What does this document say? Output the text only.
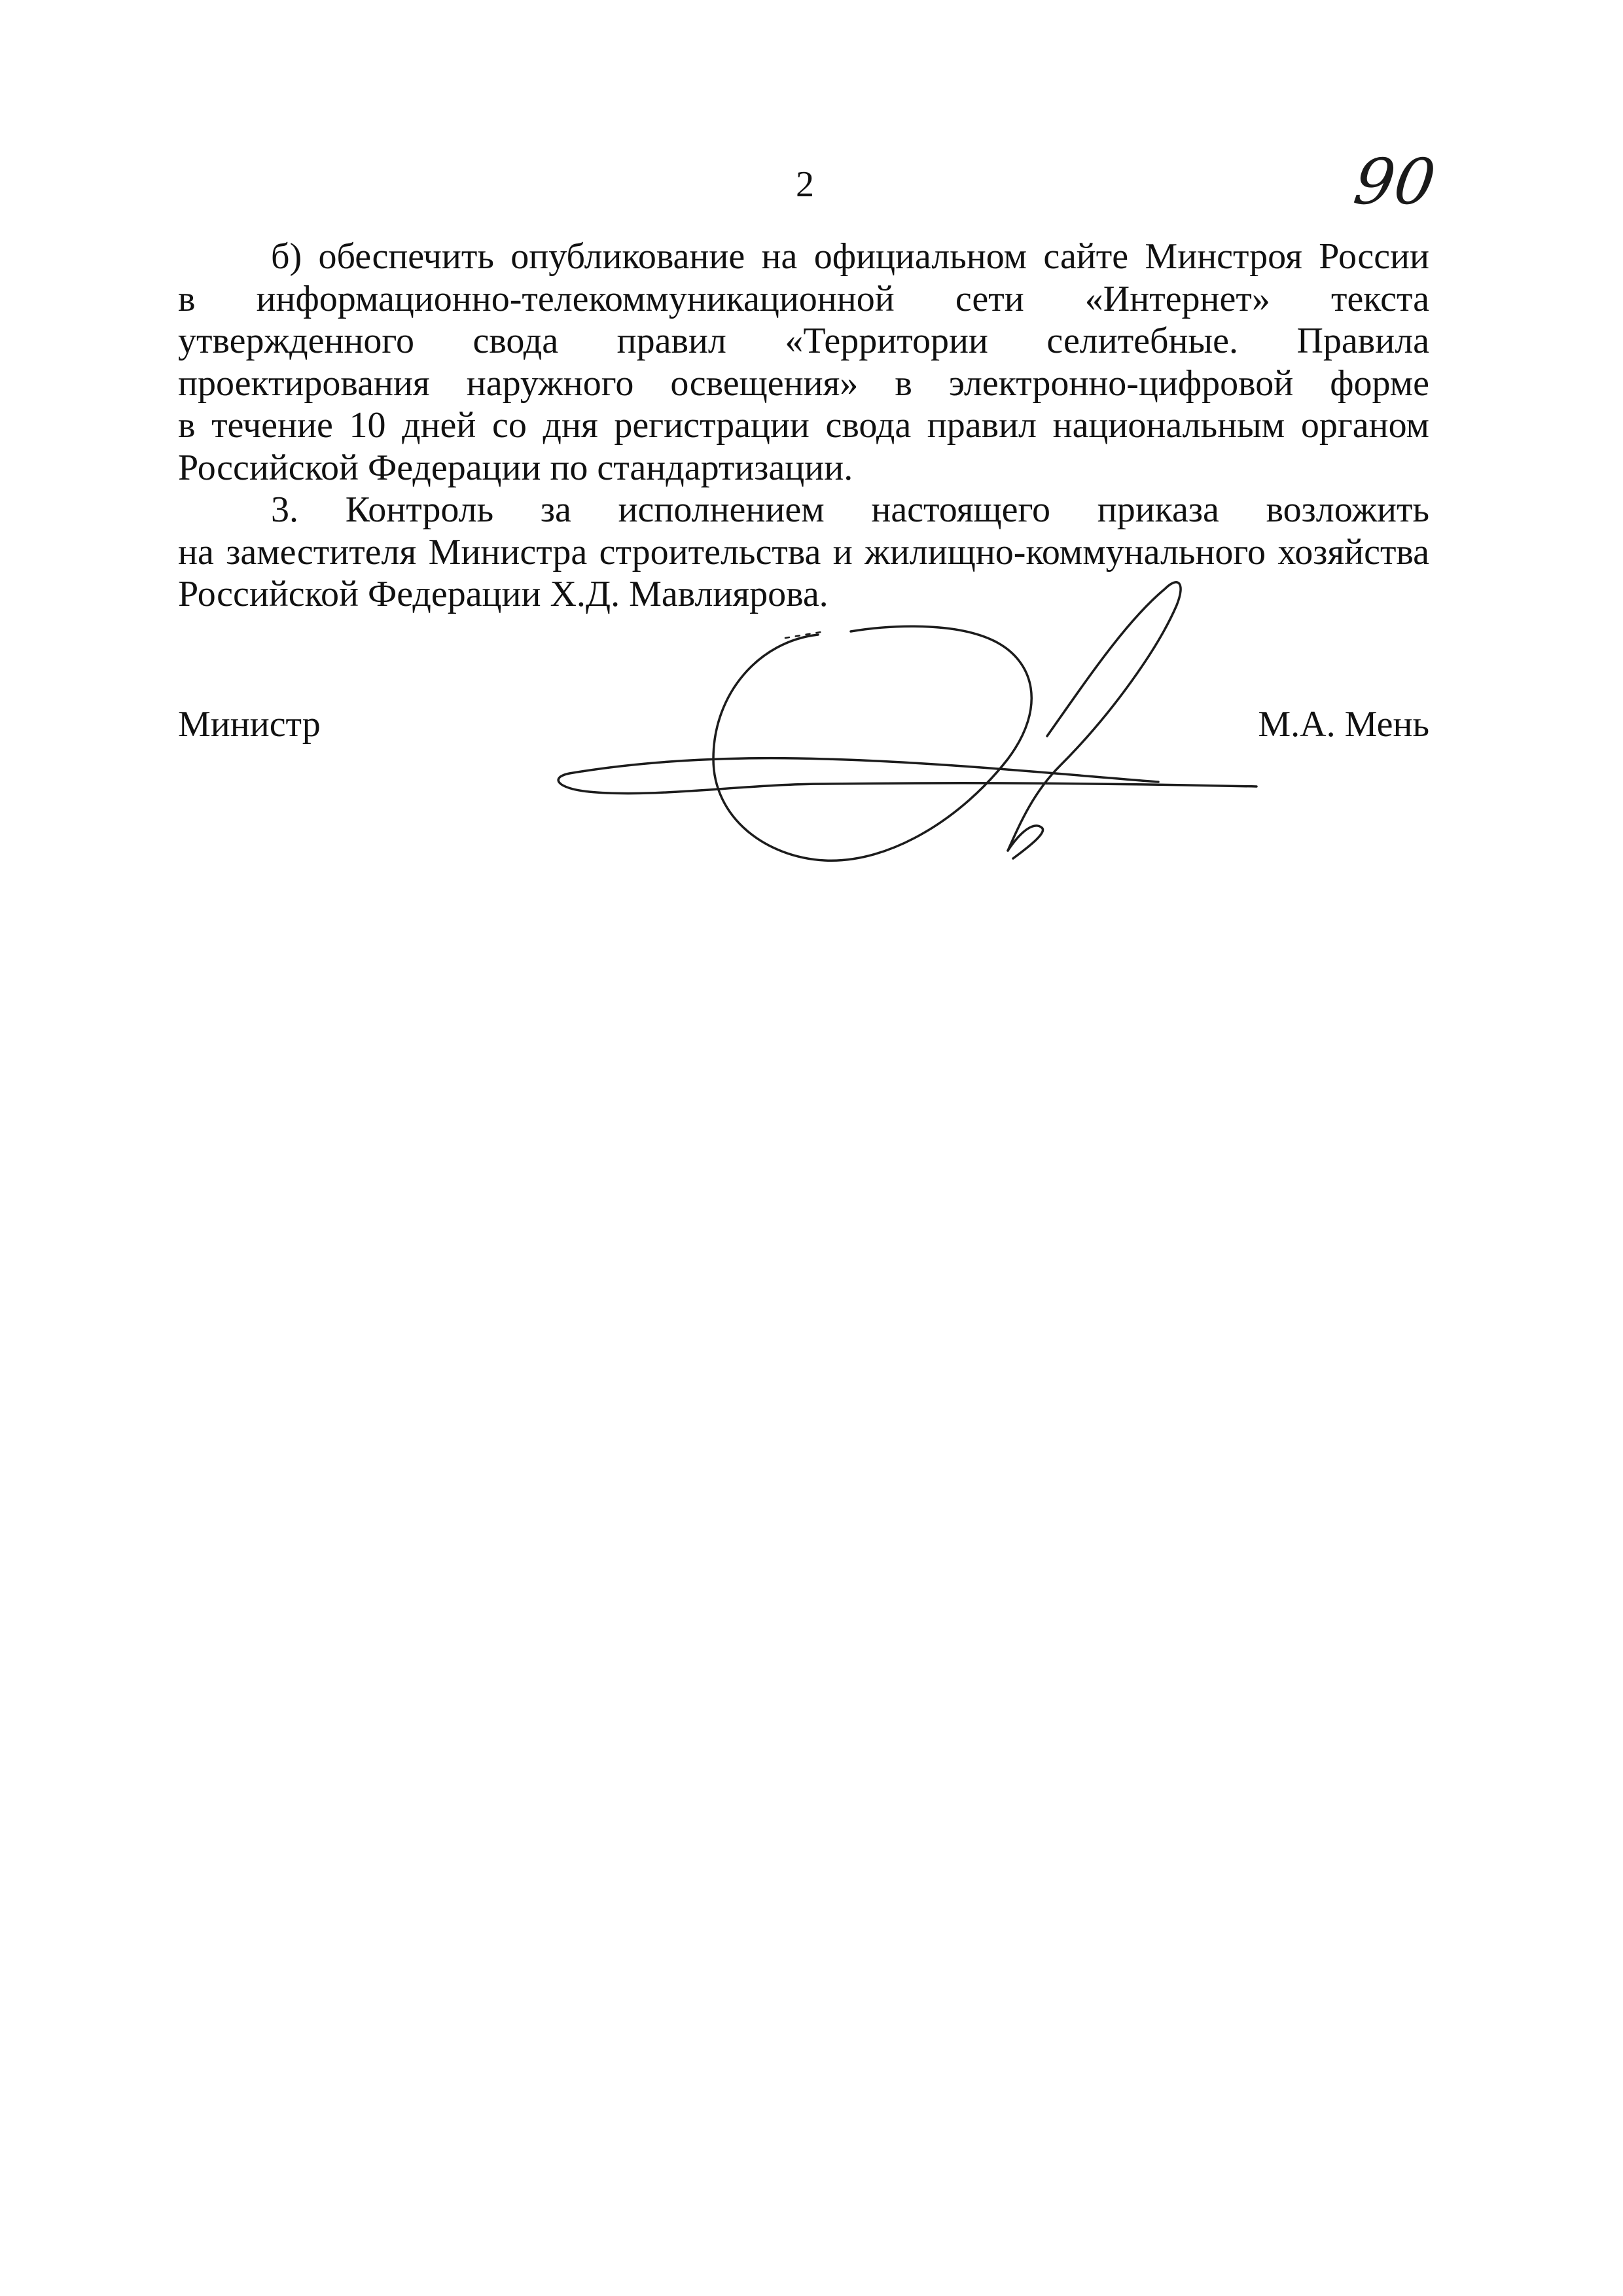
2	90

б) обеспечить опубликование на официальном сайте Минстроя России
в информационно-телекоммуникационной сети «Интернет» текста
утвержденного свода правил «Территории селитебные. Правила
проектирования наружного освещения» в электронно-цифровой форме
в течение 10 дней со дня регистрации свода правил национальным органом
Российской Федерации по стандартизации.

3. Контроль за исполнением настоящего приказа возложить
на заместителя Министра строительства и жилищно-коммунального хозяйства
Российской Федерации Х.Д. Мавлиярова.

Министр	М.А. Мень
